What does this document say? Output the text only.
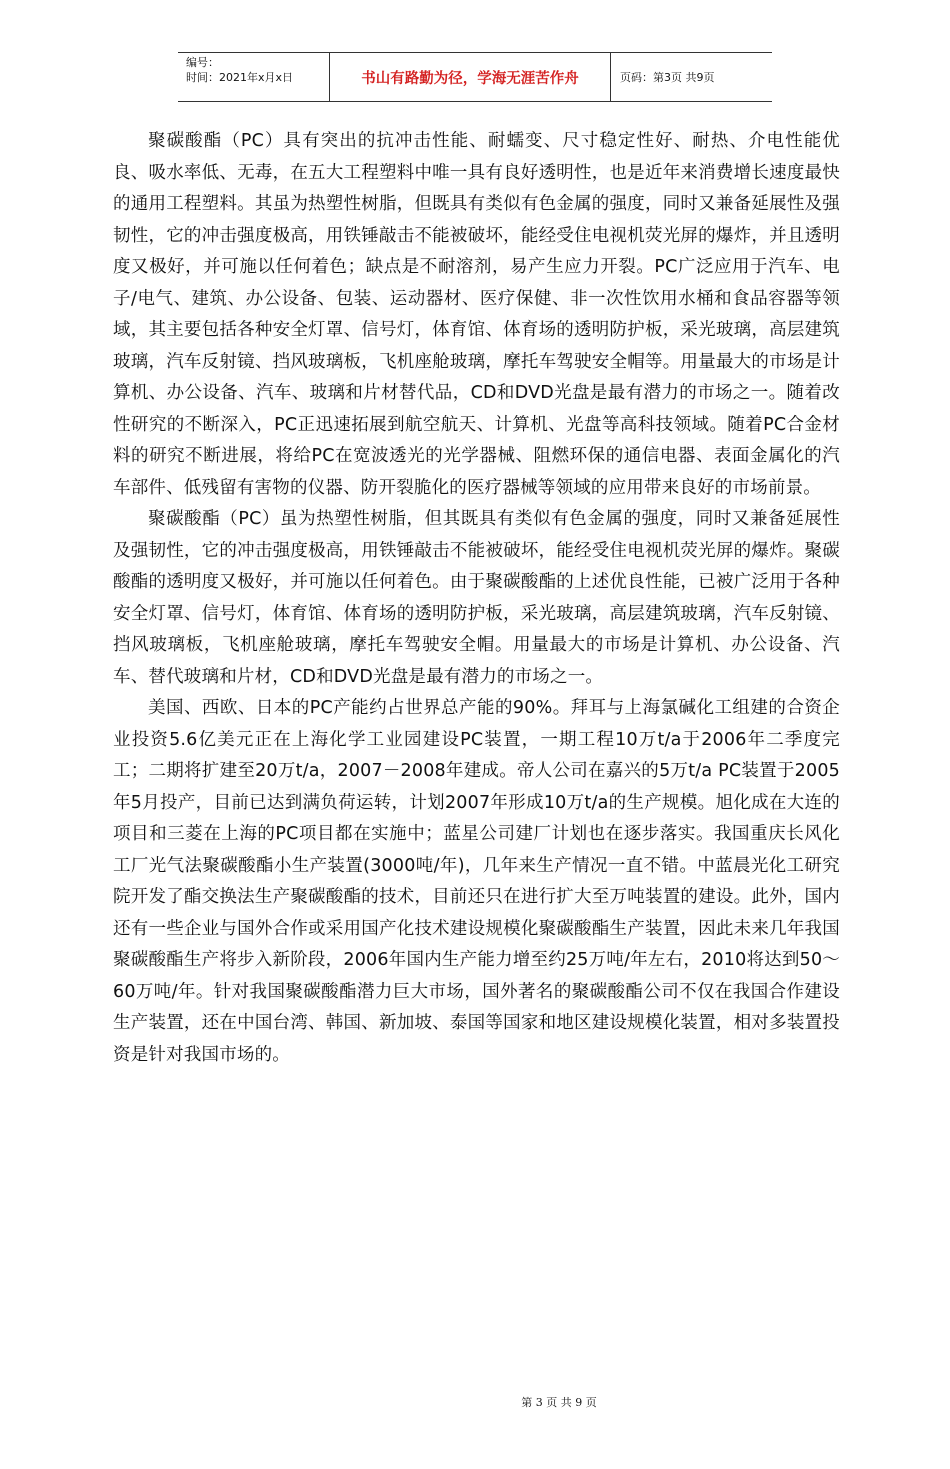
编号：
时间：2021年x月x日	书山有路勤为径，学海无涯苦作舟	页码：第3页 共9页

聚碳酸酯（PC）具有突出的抗冲击性能、耐蠕变、尺寸稳定性好、耐热、介电性能优良、吸水率低、无毒，在五大工程塑料中唯一具有良好透明性，也是近年来消费增长速度最快的通用工程塑料。其虽为热塑性树脂，但既具有类似有色金属的强度，同时又兼备延展性及强韧性，它的冲击强度极高，用铁锤敲击不能被破坏，能经受住电视机荧光屏的爆炸，并且透明度又极好，并可施以任何着色；缺点是不耐溶剂，易产生应力开裂。PC广泛应用于汽车、电子/电气、建筑、办公设备、包装、运动器材、医疗保健、非一次性饮用水桶和食品容器等领域，其主要包括各种安全灯罩、信号灯，体育馆、体育场的透明防护板，采光玻璃，高层建筑玻璃，汽车反射镜、挡风玻璃板，飞机座舱玻璃，摩托车驾驶安全帽等。用量最大的市场是计算机、办公设备、汽车、玻璃和片材替代品，CD和DVD光盘是最有潜力的市场之一。随着改性研究的不断深入，PC正迅速拓展到航空航天、计算机、光盘等高科技领域。随着PC合金材料的研究不断进展，将给PC在宽波透光的光学器械、阻燃环保的通信电器、表面金属化的汽车部件、低残留有害物的仪器、防开裂脆化的医疗器械等领域的应用带来良好的市场前景。

聚碳酸酯（PC）虽为热塑性树脂，但其既具有类似有色金属的强度，同时又兼备延展性及强韧性，它的冲击强度极高，用铁锤敲击不能被破坏，能经受住电视机荧光屏的爆炸。聚碳酸酯的透明度又极好，并可施以任何着色。由于聚碳酸酯的上述优良性能，已被广泛用于各种安全灯罩、信号灯，体育馆、体育场的透明防护板，采光玻璃，高层建筑玻璃，汽车反射镜、挡风玻璃板，飞机座舱玻璃，摩托车驾驶安全帽。用量最大的市场是计算机、办公设备、汽车、替代玻璃和片材，CD和DVD光盘是最有潜力的市场之一。

美国、西欧、日本的PC产能约占世界总产能的90%。拜耳与上海氯碱化工组建的合资企业投资5.6亿美元正在上海化学工业园建设PC装置，一期工程10万t/a于2006年二季度完工；二期将扩建至20万t/a，2007－2008年建成。帝人公司在嘉兴的5万t/a PC装置于2005年5月投产，目前已达到满负荷运转，计划2007年形成10万t/a的生产规模。旭化成在大连的项目和三菱在上海的PC项目都在实施中；蓝星公司建厂计划也在逐步落实。我国重庆长风化工厂光气法聚碳酸酯小生产装置(3000吨/年)，几年来生产情况一直不错。中蓝晨光化工研究院开发了酯交换法生产聚碳酸酯的技术，目前还只在进行扩大至万吨装置的建设。此外，国内还有一些企业与国外合作或采用国产化技术建设规模化聚碳酸酯生产装置，因此未来几年我国聚碳酸酯生产将步入新阶段，2006年国内生产能力增至约25万吨/年左右，2010将达到50～60万吨/年。针对我国聚碳酸酯潜力巨大市场，国外著名的聚碳酸酯公司不仅在我国合作建设生产装置，还在中国台湾、韩国、新加坡、泰国等国家和地区建设规模化装置，相对多装置投资是针对我国市场的。

第 3 页 共 9 页
